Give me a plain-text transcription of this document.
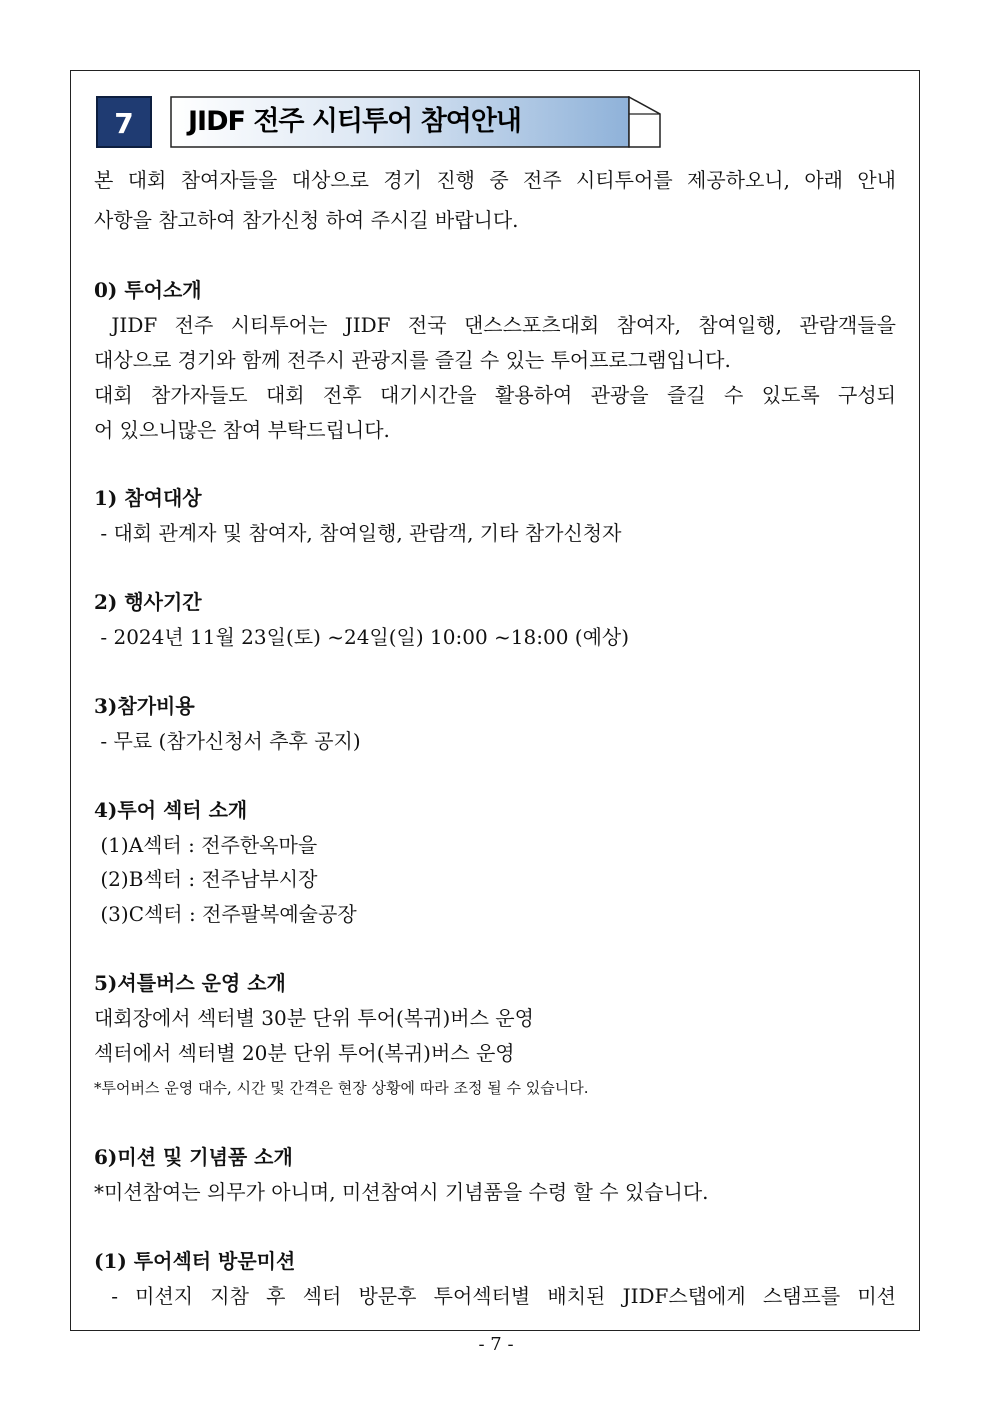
7	JIDF 전주 시티투어 참여안내
본 대회 참여자들을 대상으로 경기 진행 중 전주 시티투어를 제공하오니, 아래 안내
사항을 참고하여 참가신청 하여 주시길 바랍니다.
0) 투어소개
JIDF 전주 시티투어는 JIDF 전국 댄스스포츠대회 참여자, 참여일행, 관람객들을
대상으로 경기와 함께 전주시 관광지를 즐길 수 있는 투어프로그램입니다.
대회 참가자들도 대회 전후 대기시간을 활용하여 관광을 즐길 수 있도록 구성되
어 있으니많은 참여 부탁드립니다.
1) 참여대상
- 대회 관계자 및 참여자, 참여일행, 관람객, 기타 참가신청자
2) 행사기간
- 2024년 11월 23일(토) ~24일(일) 10:00 ~18:00 (예상)
3)참가비용
- 무료 (참가신청서 추후 공지)
4)투어 섹터 소개
(1)A섹터 : 전주한옥마을
(2)B섹터 : 전주남부시장
(3)C섹터 : 전주팔복예술공장
5)셔틀버스 운영 소개
대회장에서 섹터별 30분 단위 투어(복귀)버스 운영
섹터에서 섹터별 20분 단위 투어(복귀)버스 운영
*투어버스 운영 대수, 시간 및 간격은 현장 상황에 따라 조정 될 수 있습니다.
6)미션 및 기념품 소개
*미션참여는 의무가 아니며, 미션참여시 기념품을 수령 할 수 있습니다.
(1) 투어섹터 방문미션
- 미션지 지참 후 섹터 방문후 투어섹터별 배치된 JIDF스탭에게 스탬프를 미션
- 7 -
